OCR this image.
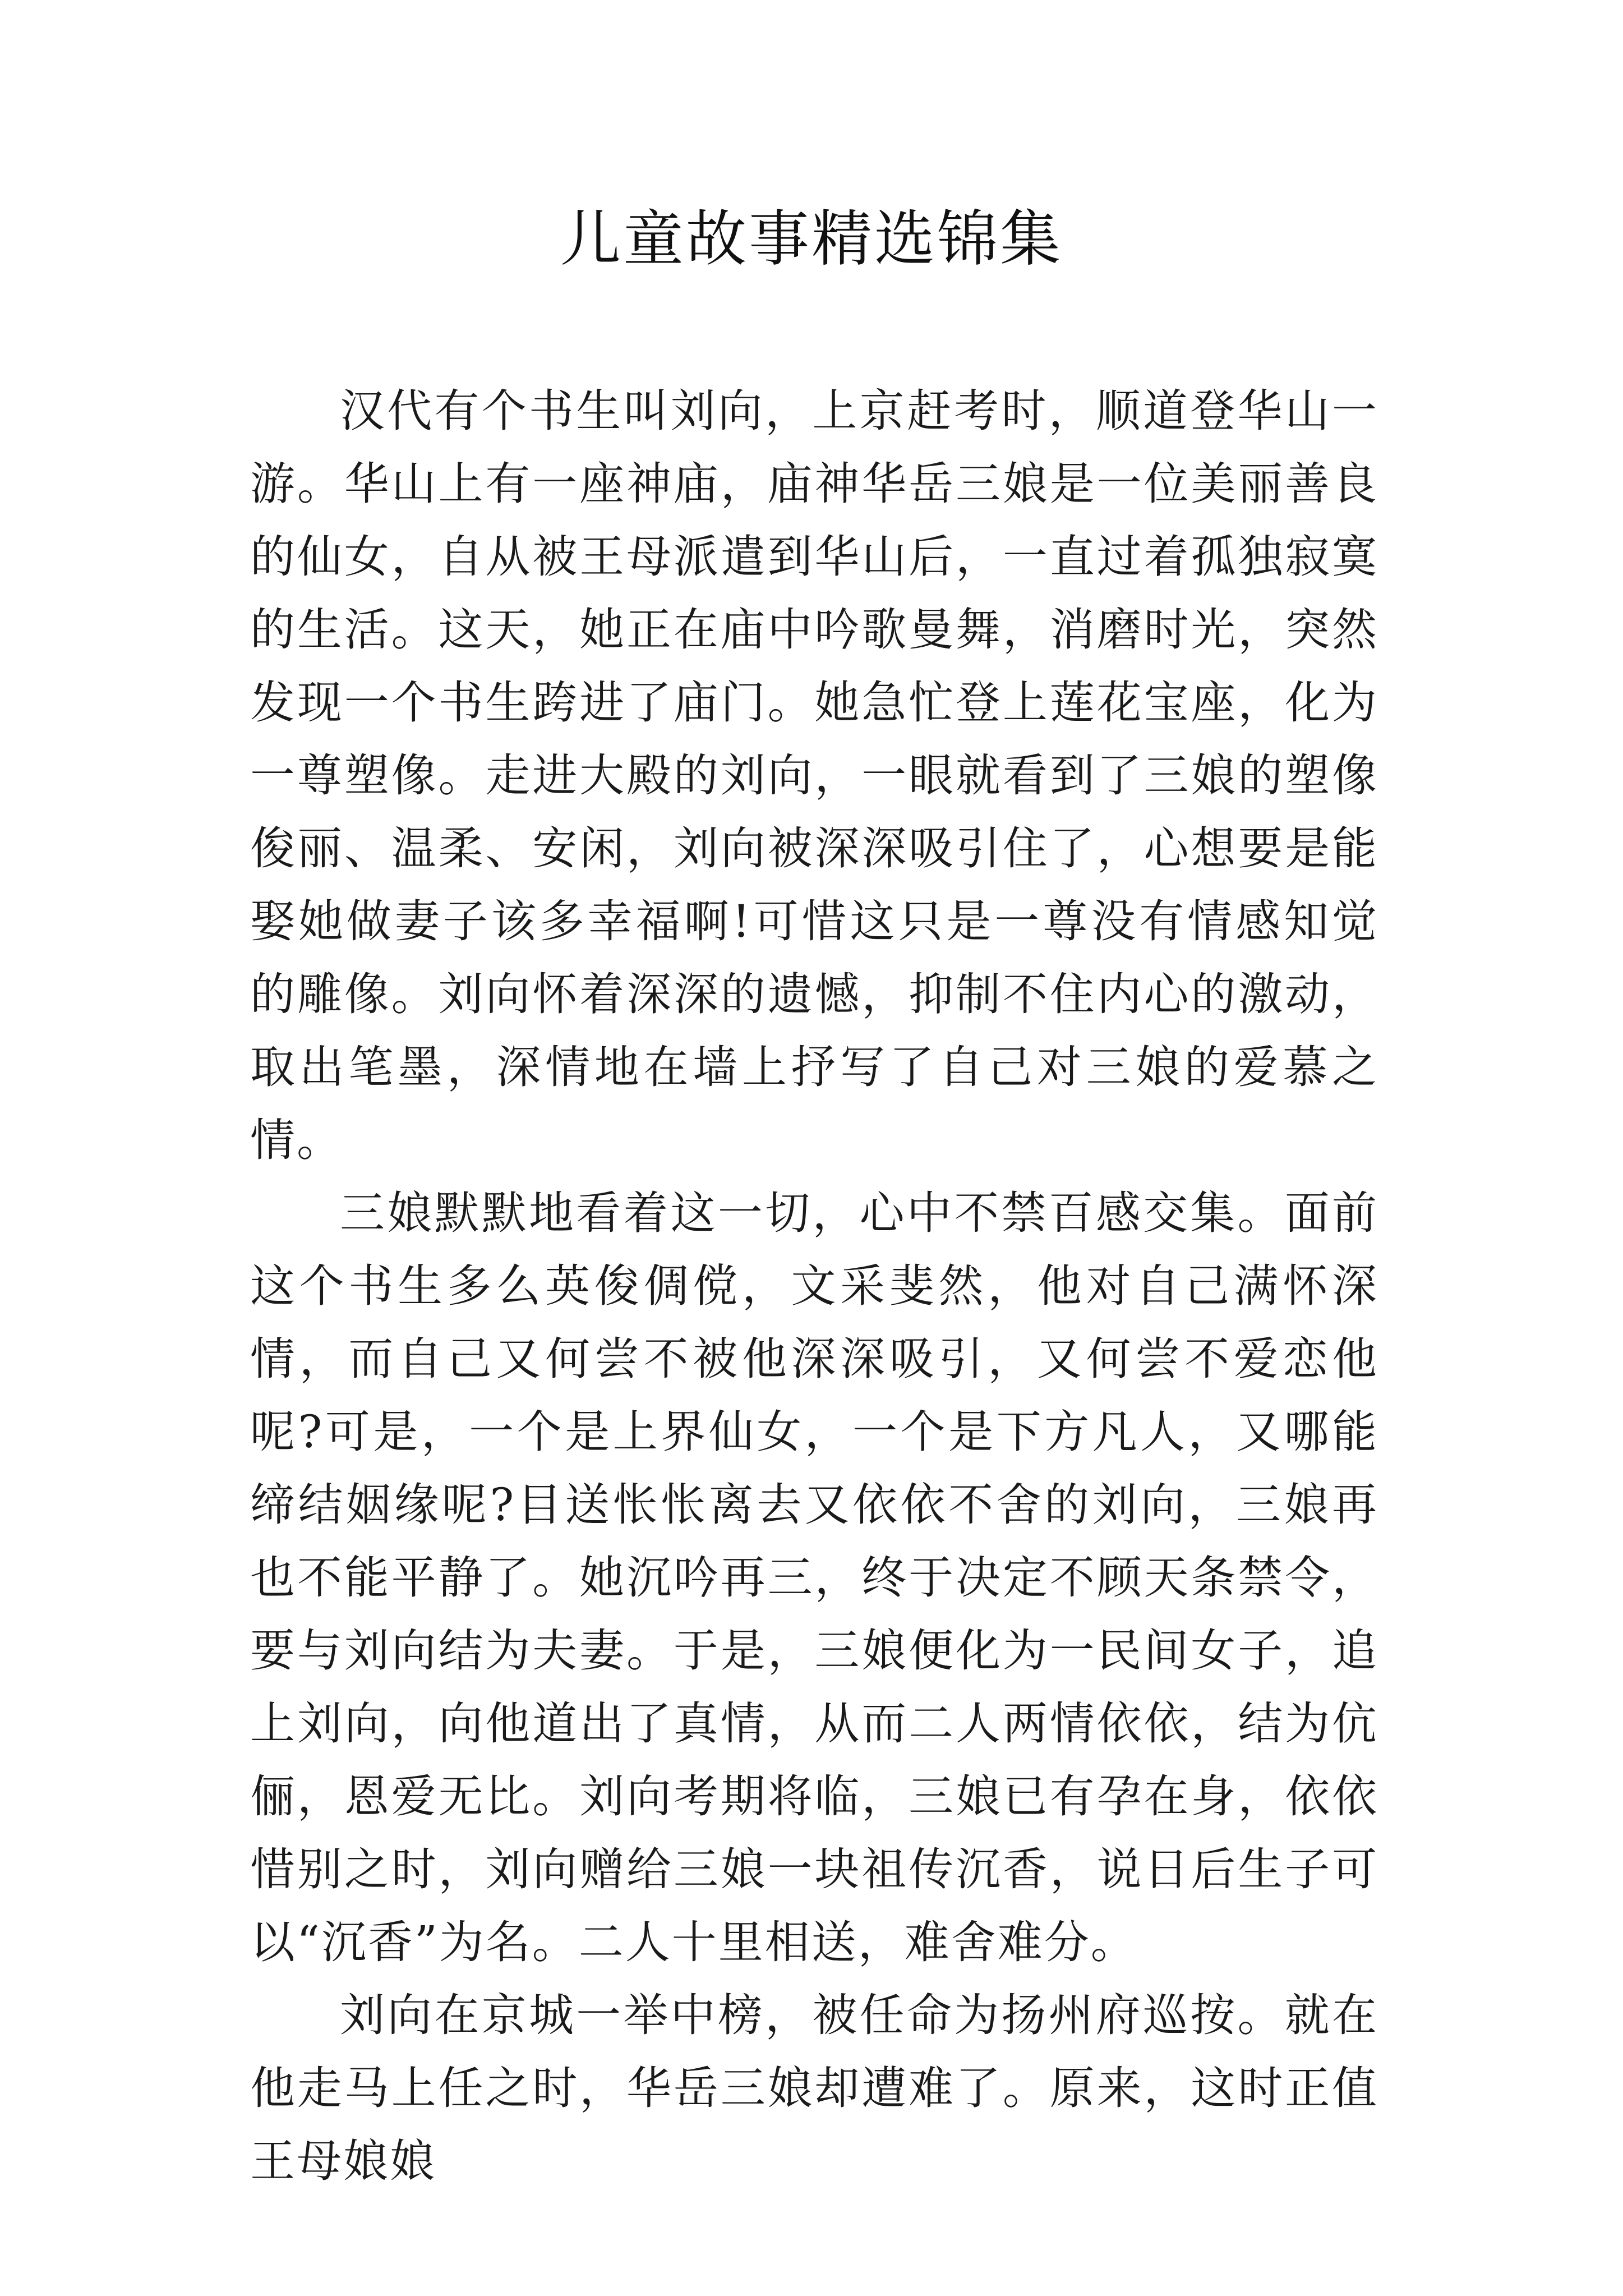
儿童故事精选锦集

汉代有个书生叫刘向，上京赶考时，顺道登华山一游。华山上有一座神庙，庙神华岳三娘是一位美丽善良的仙女，自从被王母派遣到华山后，一直过着孤独寂寞的生活。这天，她正在庙中吟歌曼舞，消磨时光，突然发现一个书生跨进了庙门。她急忙登上莲花宝座，化为一尊塑像。走进大殿的刘向，一眼就看到了三娘的塑像俊丽、温柔、安闲，刘向被深深吸引住了，心想要是能娶她做妻子该多幸福啊!可惜这只是一尊没有情感知觉的雕像。刘向怀着深深的遗憾，抑制不住内心的激动，取出笔墨，深情地在墙上抒写了自己对三娘的爱慕之情。

三娘默默地看着这一切，心中不禁百感交集。面前这个书生多么英俊倜傥，文采斐然，他对自己满怀深情，而自己又何尝不被他深深吸引，又何尝不爱恋他呢?可是，一个是上界仙女，一个是下方凡人，又哪能缔结姻缘呢?目送怅怅离去又依依不舍的刘向，三娘再也不能平静了。她沉吟再三，终于决定不顾天条禁令，要与刘向结为夫妻。于是，三娘便化为一民间女子，追上刘向，向他道出了真情，从而二人两情依依，结为伉俪，恩爱无比。刘向考期将临，三娘已有孕在身，依依惜别之时，刘向赠给三娘一块祖传沉香，说日后生子可以“沉香”为名。二人十里相送，难舍难分。

刘向在京城一举中榜，被任命为扬州府巡按。就在他走马上任之时，华岳三娘却遭难了。原来，这时正值王母娘娘
